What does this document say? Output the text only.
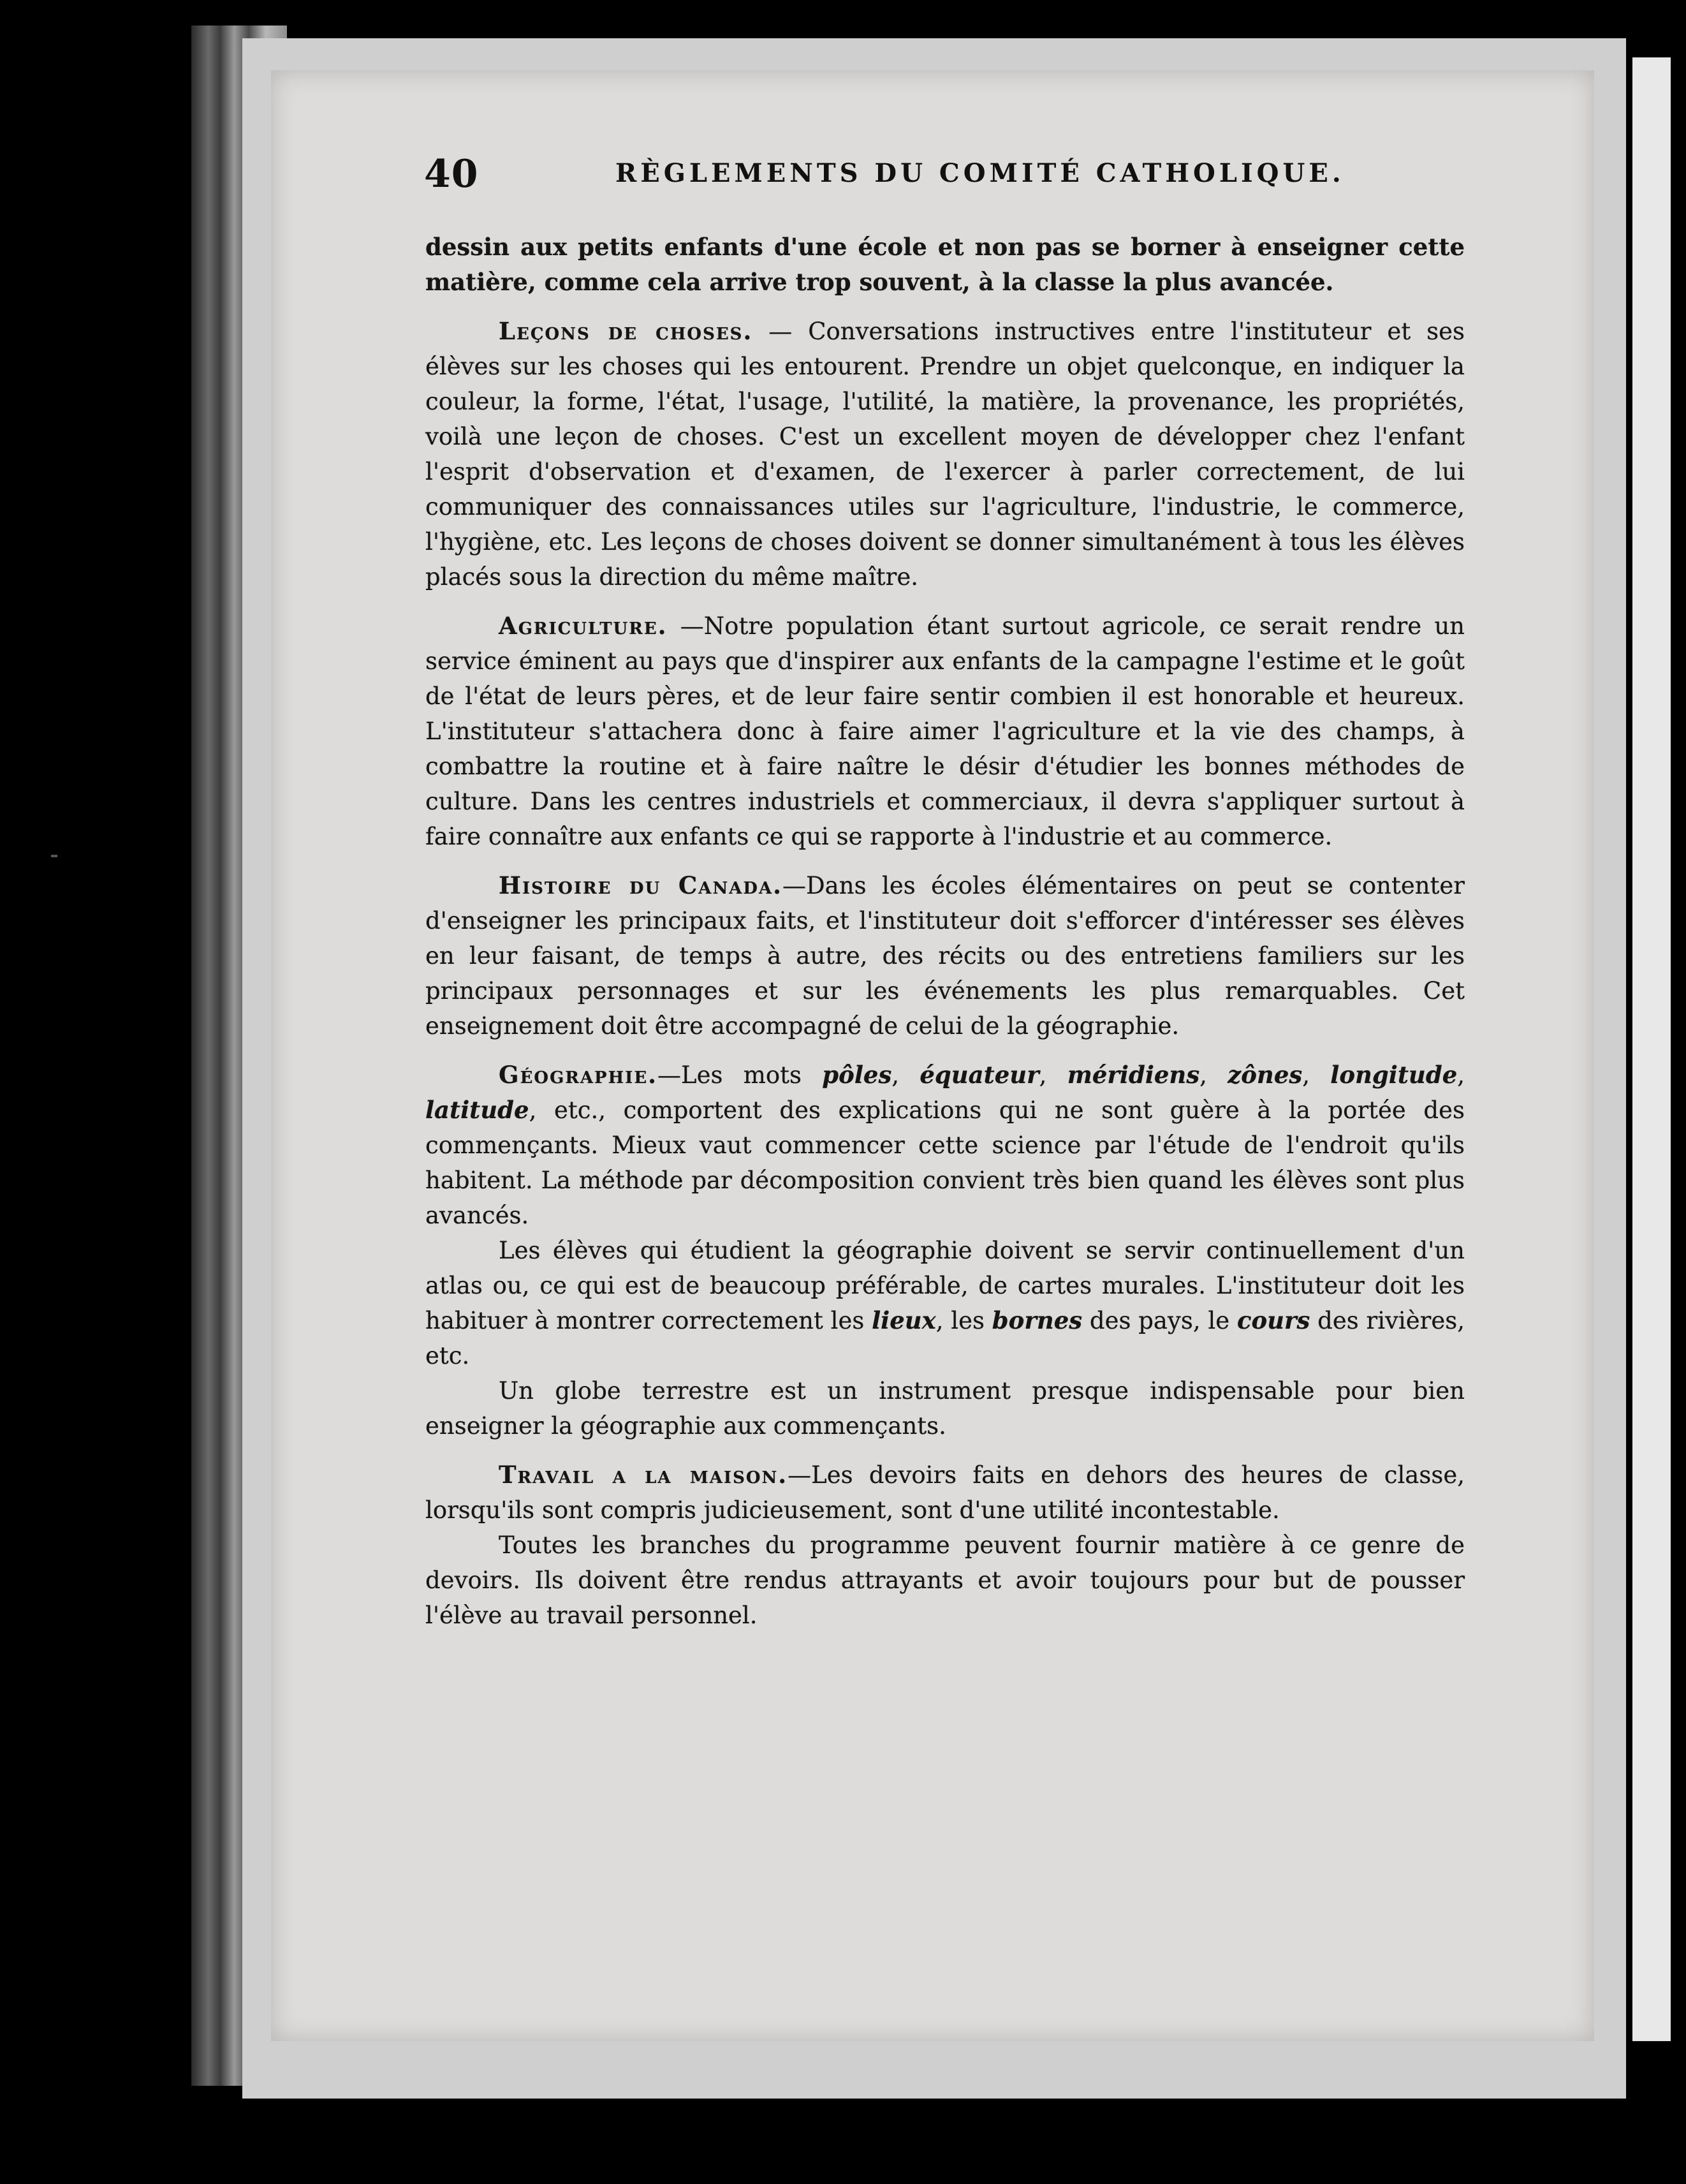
40	RÈGLEMENTS DU COMITÉ CATHOLIQUE.

dessin aux petits enfants d'une école et non pas se borner à enseigner cette matière, comme cela arrive trop souvent, à la classe la plus avancée.

Leçons de choses. — Conversations instructives entre l'instituteur et ses élèves sur les choses qui les entourent. Prendre un objet quelconque, en indiquer la couleur, la forme, l'état, l'usage, l'utilité, la matière, la provenance, les propriétés, voilà une leçon de choses. C'est un excellent moyen de développer chez l'enfant l'esprit d'observation et d'examen, de l'exercer à parler correctement, de lui communiquer des connaissances utiles sur l'agriculture, l'industrie, le commerce, l'hygiène, etc. Les leçons de choses doivent se donner simultanément à tous les élèves placés sous la direction du même maître.

Agriculture. —Notre population étant surtout agricole, ce serait rendre un service éminent au pays que d'inspirer aux enfants de la campagne l'estime et le goût de l'état de leurs pères, et de leur faire sentir combien il est honorable et heureux. L'instituteur s'attachera donc à faire aimer l'agriculture et la vie des champs, à combattre la routine et à faire naître le désir d'étudier les bonnes méthodes de culture. Dans les centres industriels et commerciaux, il devra s'appliquer surtout à faire connaître aux enfants ce qui se rapporte à l'industrie et au commerce.

Histoire du Canada.—Dans les écoles élémentaires on peut se contenter d'enseigner les principaux faits, et l'instituteur doit s'efforcer d'intéresser ses élèves en leur faisant, de temps à autre, des récits ou des entretiens familiers sur les principaux personnages et sur les événements les plus remarquables. Cet enseignement doit être accompagné de celui de la géographie.

Géographie.—Les mots pôles, équateur, méridiens, zônes, longitude, latitude, etc., comportent des explications qui ne sont guère à la portée des commençants. Mieux vaut commencer cette science par l'étude de l'endroit qu'ils habitent. La méthode par décomposition convient très bien quand les élèves sont plus avancés.

Les élèves qui étudient la géographie doivent se servir continuellement d'un atlas ou, ce qui est de beaucoup préférable, de cartes murales. L'instituteur doit les habituer à montrer correctement les lieux, les bornes des pays, le cours des rivières, etc.

Un globe terrestre est un instrument presque indispensable pour bien enseigner la géographie aux commençants.

Travail a la maison.—Les devoirs faits en dehors des heures de classe, lorsqu'ils sont compris judicieusement, sont d'une utilité incontestable.

Toutes les branches du programme peuvent fournir matière à ce genre de devoirs. Ils doivent être rendus attrayants et avoir toujours pour but de pousser l'élève au travail personnel.
